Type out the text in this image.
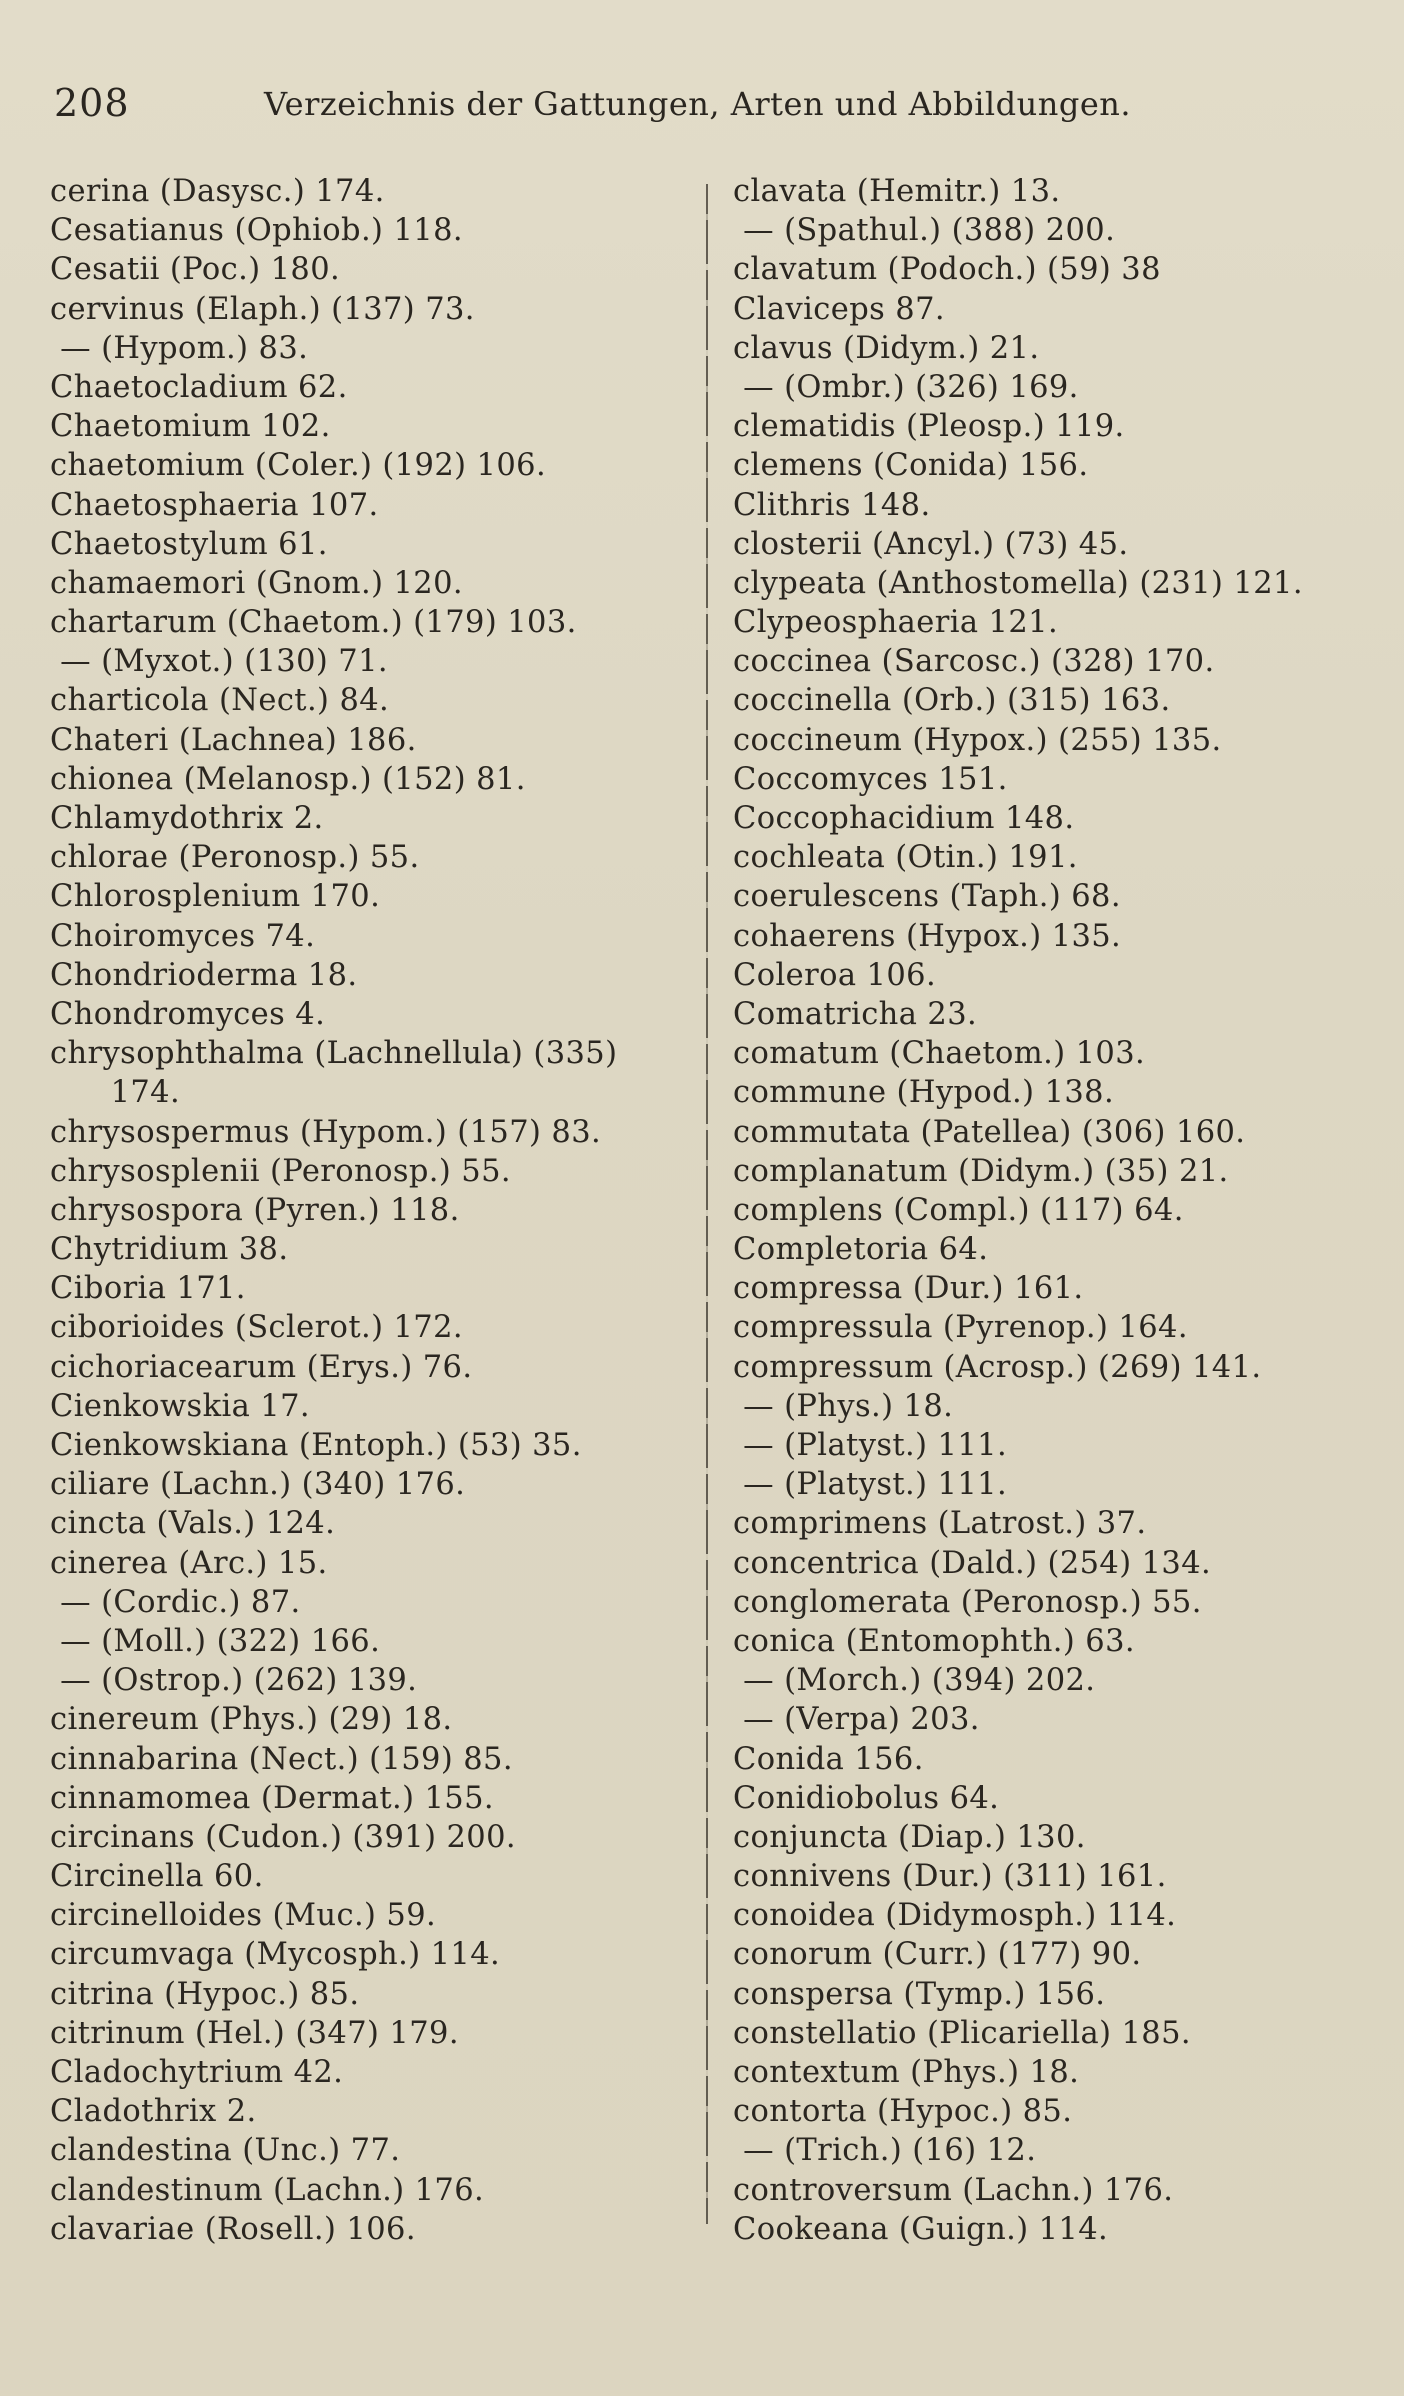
208	Verzeichnis der Gattungen, Arten und Abbildungen.
cerina (Dasysc.) 174.
Cesatianus (Ophiob.) 118.
Cesatii (Poc.) 180.
cervinus (Elaph.) (137) 73.
— (Hypom.) 83.
Chaetocladium 62.
Chaetomium 102.
chaetomium (Coler.) (192) 106.
Chaetosphaeria 107.
Chaetostylum 61.
chamaemori (Gnom.) 120.
chartarum (Chaetom.) (179) 103.
— (Myxot.) (130) 71.
charticola (Nect.) 84.
Chateri (Lachnea) 186.
chionea (Melanosp.) (152) 81.
Chlamydothrix 2.
chlorae (Peronosp.) 55.
Chlorosplenium 170.
Choiromyces 74.
Chondrioderma 18.
Chondromyces 4.
chrysophthalma (Lachnellula) (335)
174.
chrysospermus (Hypom.) (157) 83.
chrysosplenii (Peronosp.) 55.
chrysospora (Pyren.) 118.
Chytridium 38.
Ciboria 171.
ciborioides (Sclerot.) 172.
cichoriacearum (Erys.) 76.
Cienkowskia 17.
Cienkowskiana (Entoph.) (53) 35.
ciliare (Lachn.) (340) 176.
cincta (Vals.) 124.
cinerea (Arc.) 15.
— (Cordic.) 87.
— (Moll.) (322) 166.
— (Ostrop.) (262) 139.
cinereum (Phys.) (29) 18.
cinnabarina (Nect.) (159) 85.
cinnamomea (Dermat.) 155.
circinans (Cudon.) (391) 200.
Circinella 60.
circinelloides (Muc.) 59.
circumvaga (Mycosph.) 114.
citrina (Hypoc.) 85.
citrinum (Hel.) (347) 179.
Cladochytrium 42.
Cladothrix 2.
clandestina (Unc.) 77.
clandestinum (Lachn.) 176.
clavariae (Rosell.) 106.
clavata (Hemitr.) 13.
— (Spathul.) (388) 200.
clavatum (Podoch.) (59) 38
Claviceps 87.
clavus (Didym.) 21.
— (Ombr.) (326) 169.
clematidis (Pleosp.) 119.
clemens (Conida) 156.
Clithris 148.
closterii (Ancyl.) (73) 45.
clypeata (Anthostomella) (231) 121.
Clypeosphaeria 121.
coccinea (Sarcosc.) (328) 170.
coccinella (Orb.) (315) 163.
coccineum (Hypox.) (255) 135.
Coccomyces 151.
Coccophacidium 148.
cochleata (Otin.) 191.
coerulescens (Taph.) 68.
cohaerens (Hypox.) 135.
Coleroa 106.
Comatricha 23.
comatum (Chaetom.) 103.
commune (Hypod.) 138.
commutata (Patellea) (306) 160.
complanatum (Didym.) (35) 21.
complens (Compl.) (117) 64.
Completoria 64.
compressa (Dur.) 161.
compressula (Pyrenop.) 164.
compressum (Acrosp.) (269) 141.
— (Phys.) 18.
— (Platyst.) 111.
— (Platyst.) 111.
comprimens (Latrost.) 37.
concentrica (Dald.) (254) 134.
conglomerata (Peronosp.) 55.
conica (Entomophth.) 63.
— (Morch.) (394) 202.
— (Verpa) 203.
Conida 156.
Conidiobolus 64.
conjuncta (Diap.) 130.
connivens (Dur.) (311) 161.
conoidea (Didymosph.) 114.
conorum (Curr.) (177) 90.
conspersa (Tymp.) 156.
constellatio (Plicariella) 185.
contextum (Phys.) 18.
contorta (Hypoc.) 85.
— (Trich.) (16) 12.
controversum (Lachn.) 176.
Cookeana (Guign.) 114.
